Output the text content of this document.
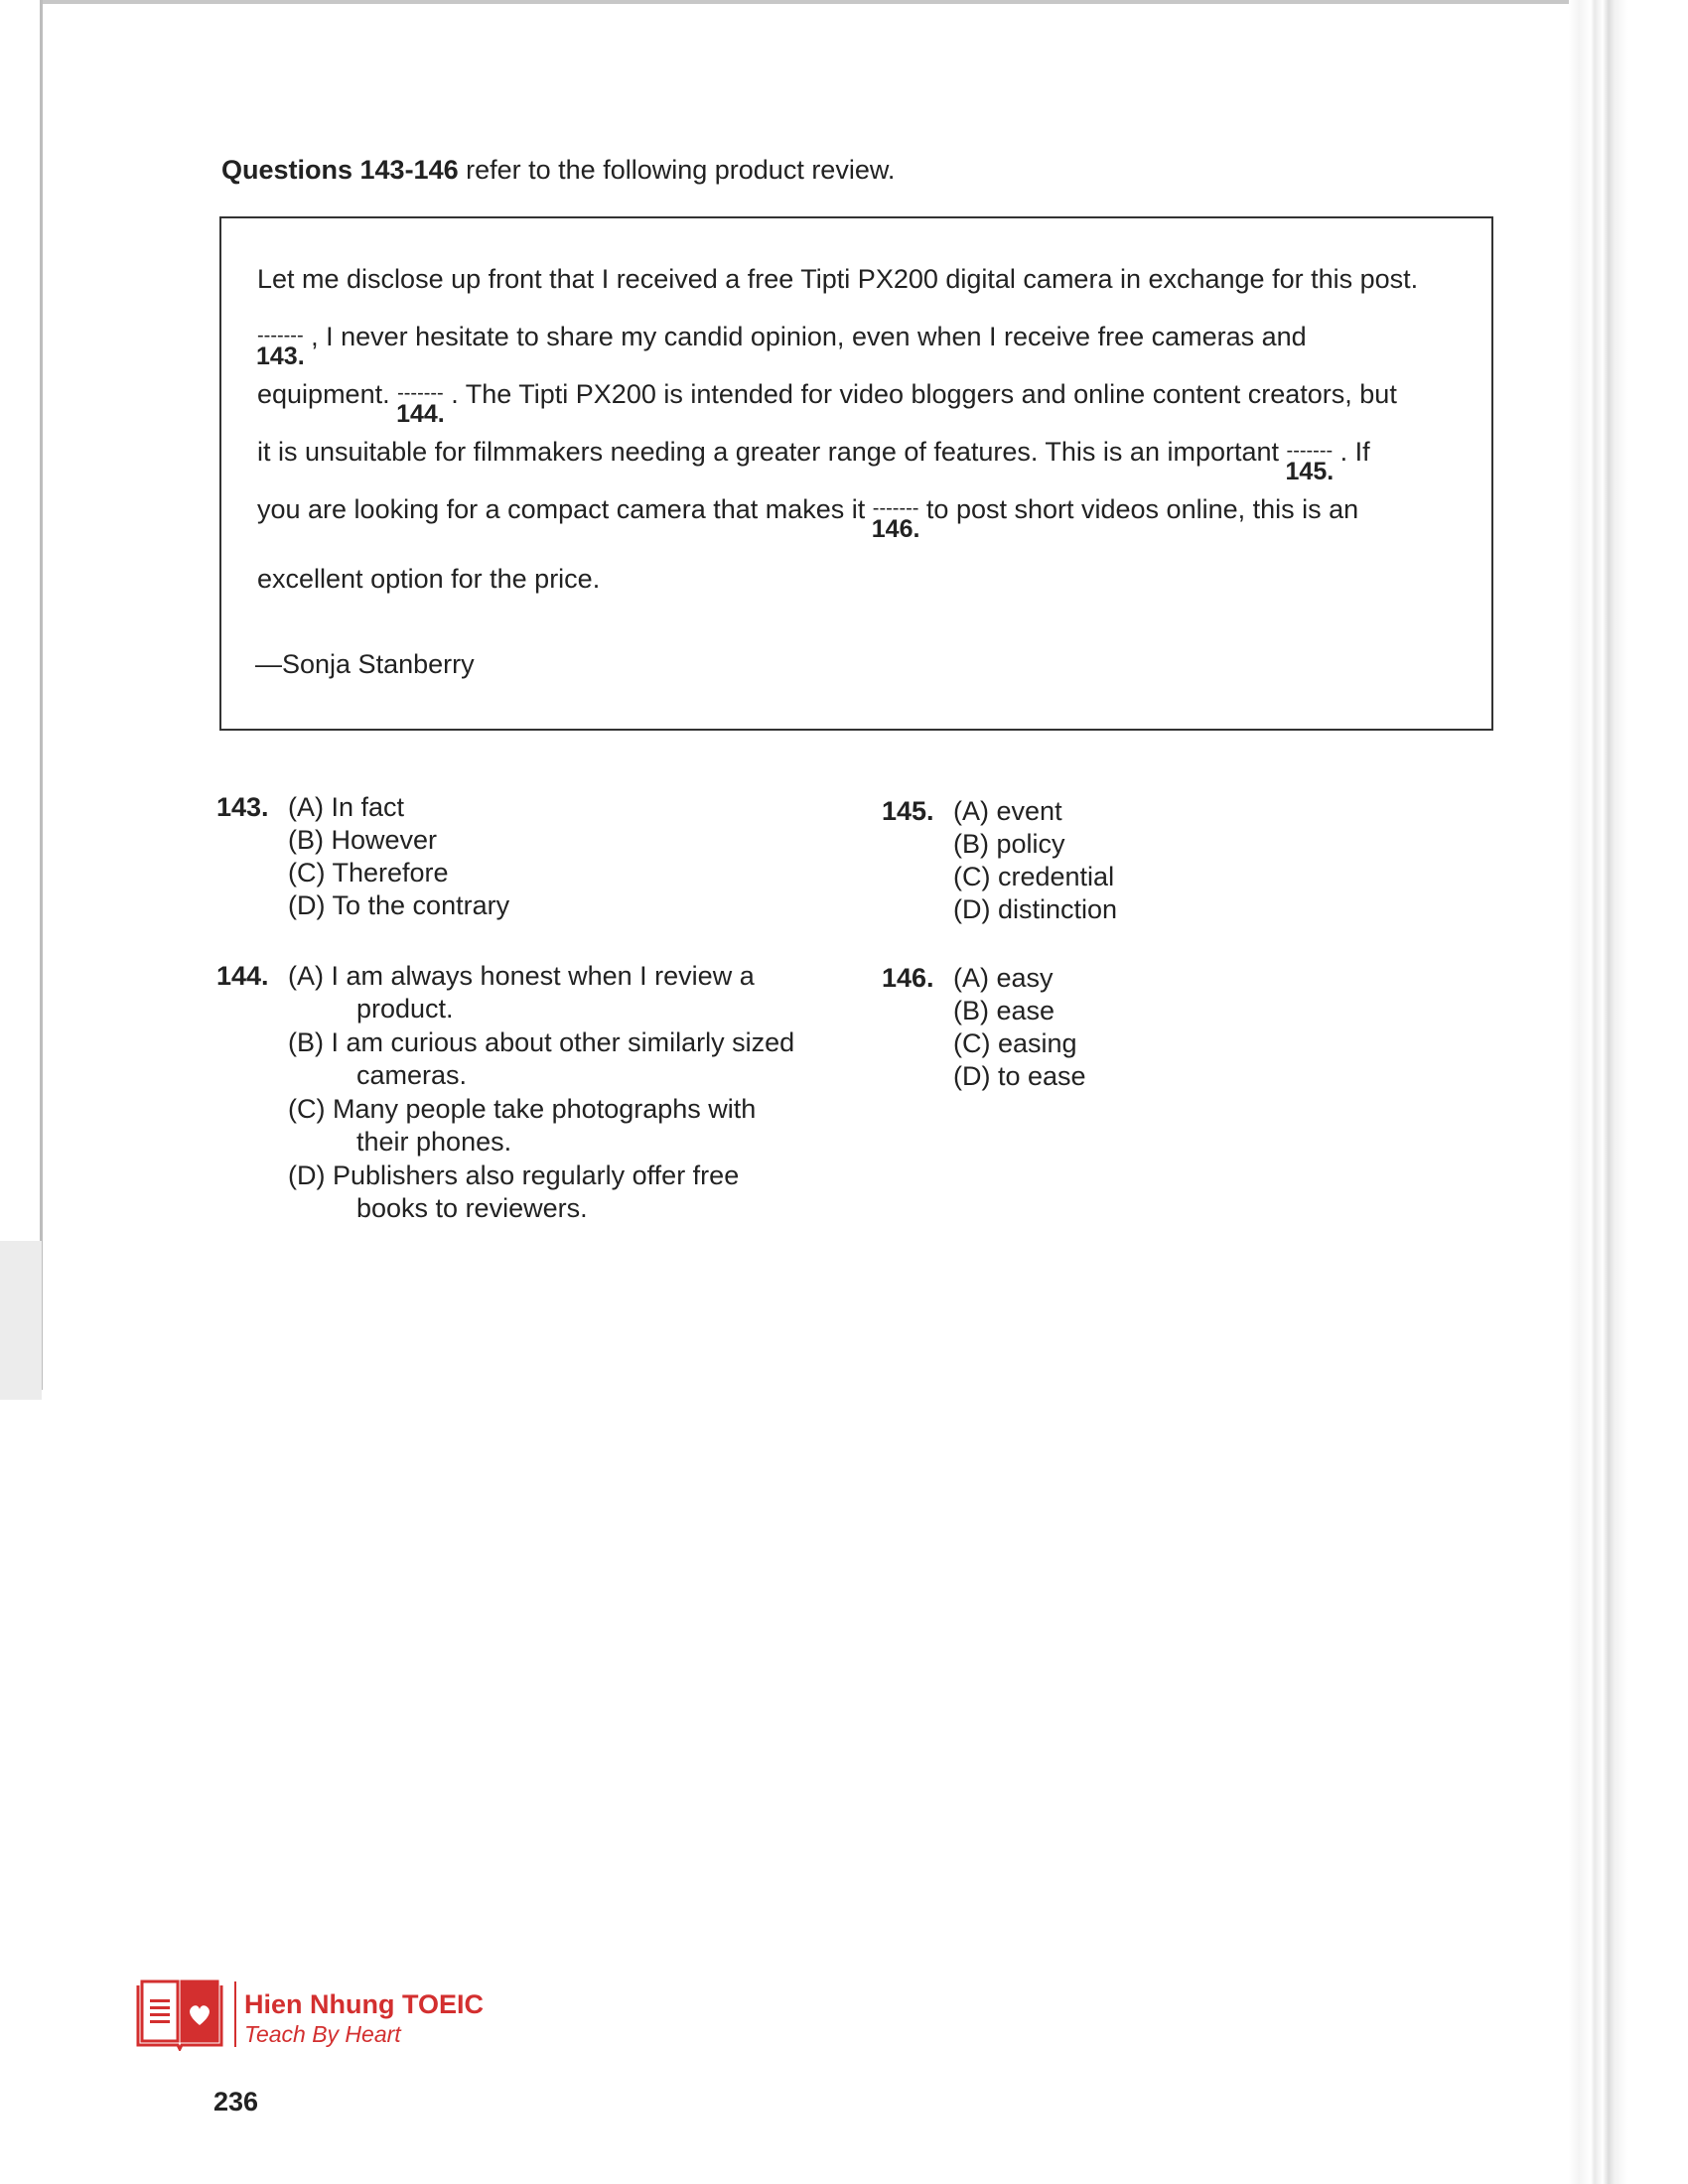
Questions 143-146 refer to the following product review.
Let me disclose up front that I received a free Tipti PX200 digital camera in exchange for this post.
-------
143.
, I never hesitate to share my candid opinion, even when I receive free cameras and
equipment. -------
144.
. The Tipti PX200 is intended for video bloggers and online content creators, but
it is unsuitable for filmmakers needing a greater range of features. This is an important -------
145.
. If
you are looking for a compact camera that makes it -------
146.
to post short videos online, this is an
excellent option for the price.
—Sonja Stanberry
143. (A) In fact
(B) However
(C) Therefore
(D) To the contrary
144. (A) I am always honest when I review a
product.
(B) I am curious about other similarly sized
cameras.
(C) Many people take photographs with
their phones.
(D) Publishers also regularly offer free
books to reviewers.
145. (A) event
(B) policy
(C) credential
(D) distinction
146. (A) easy
(B) ease
(C) easing
(D) to ease
Hien Nhung TOEIC
Teach By Heart
236
